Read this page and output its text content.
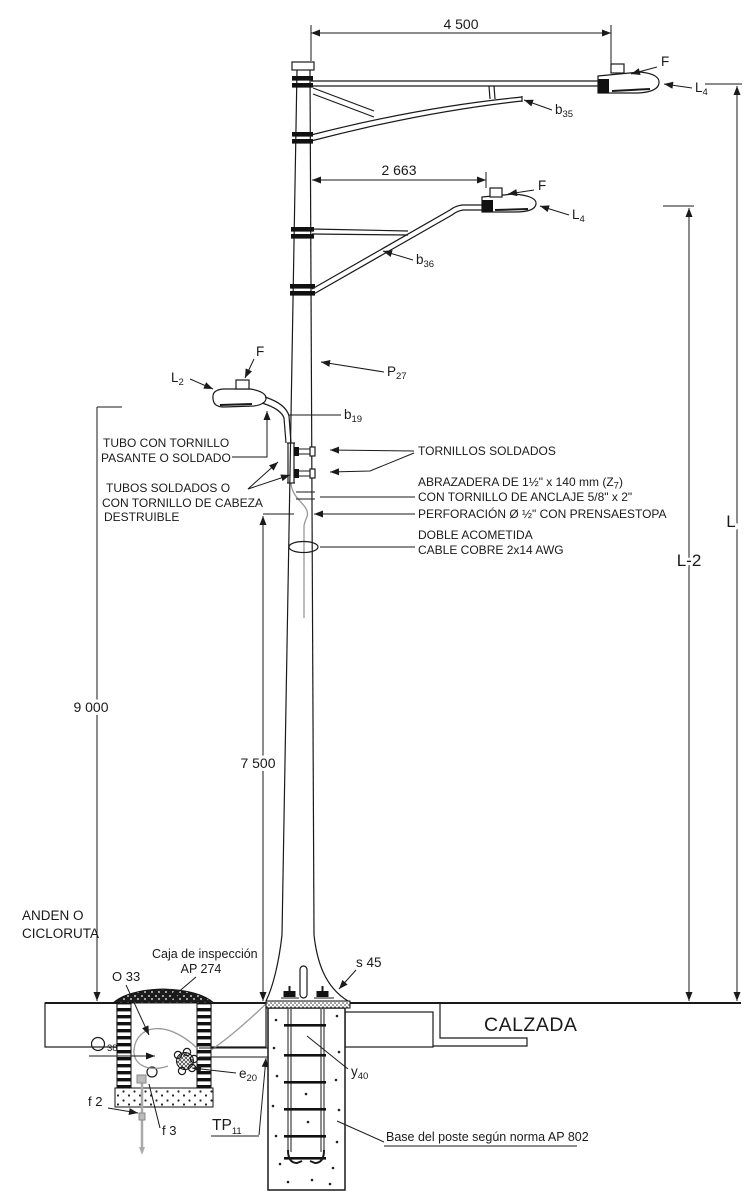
4 500
2 663
9 000
7 500
L
L-2
F
$L_4$
$b_{35}$
F
$L_4$
$b_{36}$
$P_{27}$
F
$L_2$
$b_{19}$
TUBO CON TORNILLO
PASANTE O SOLDADO
TUBOS SOLDADOS O
CON TORNILLO DE CABEZA
DESTRUIBLE
TORNILLOS SOLDADOS
ABRAZADERA DE 1½" x 140 mm $(Z_7)$
CON TORNILLO DE ANCLAJE 5/8" x 2"
PERFORACIÓN Ø ½" CON PRENSAESTOPA
DOBLE ACOMETIDA
CABLE COBRE 2x14 AWG
ANDEN O
CICLORUTA
Caja de inspección
AP 274
O 33
38
f 2
f 3 $TP_{11}$
$e_{20}$	$y_{40}$
s 45
CALZADA
Base del poste según norma AP 802
